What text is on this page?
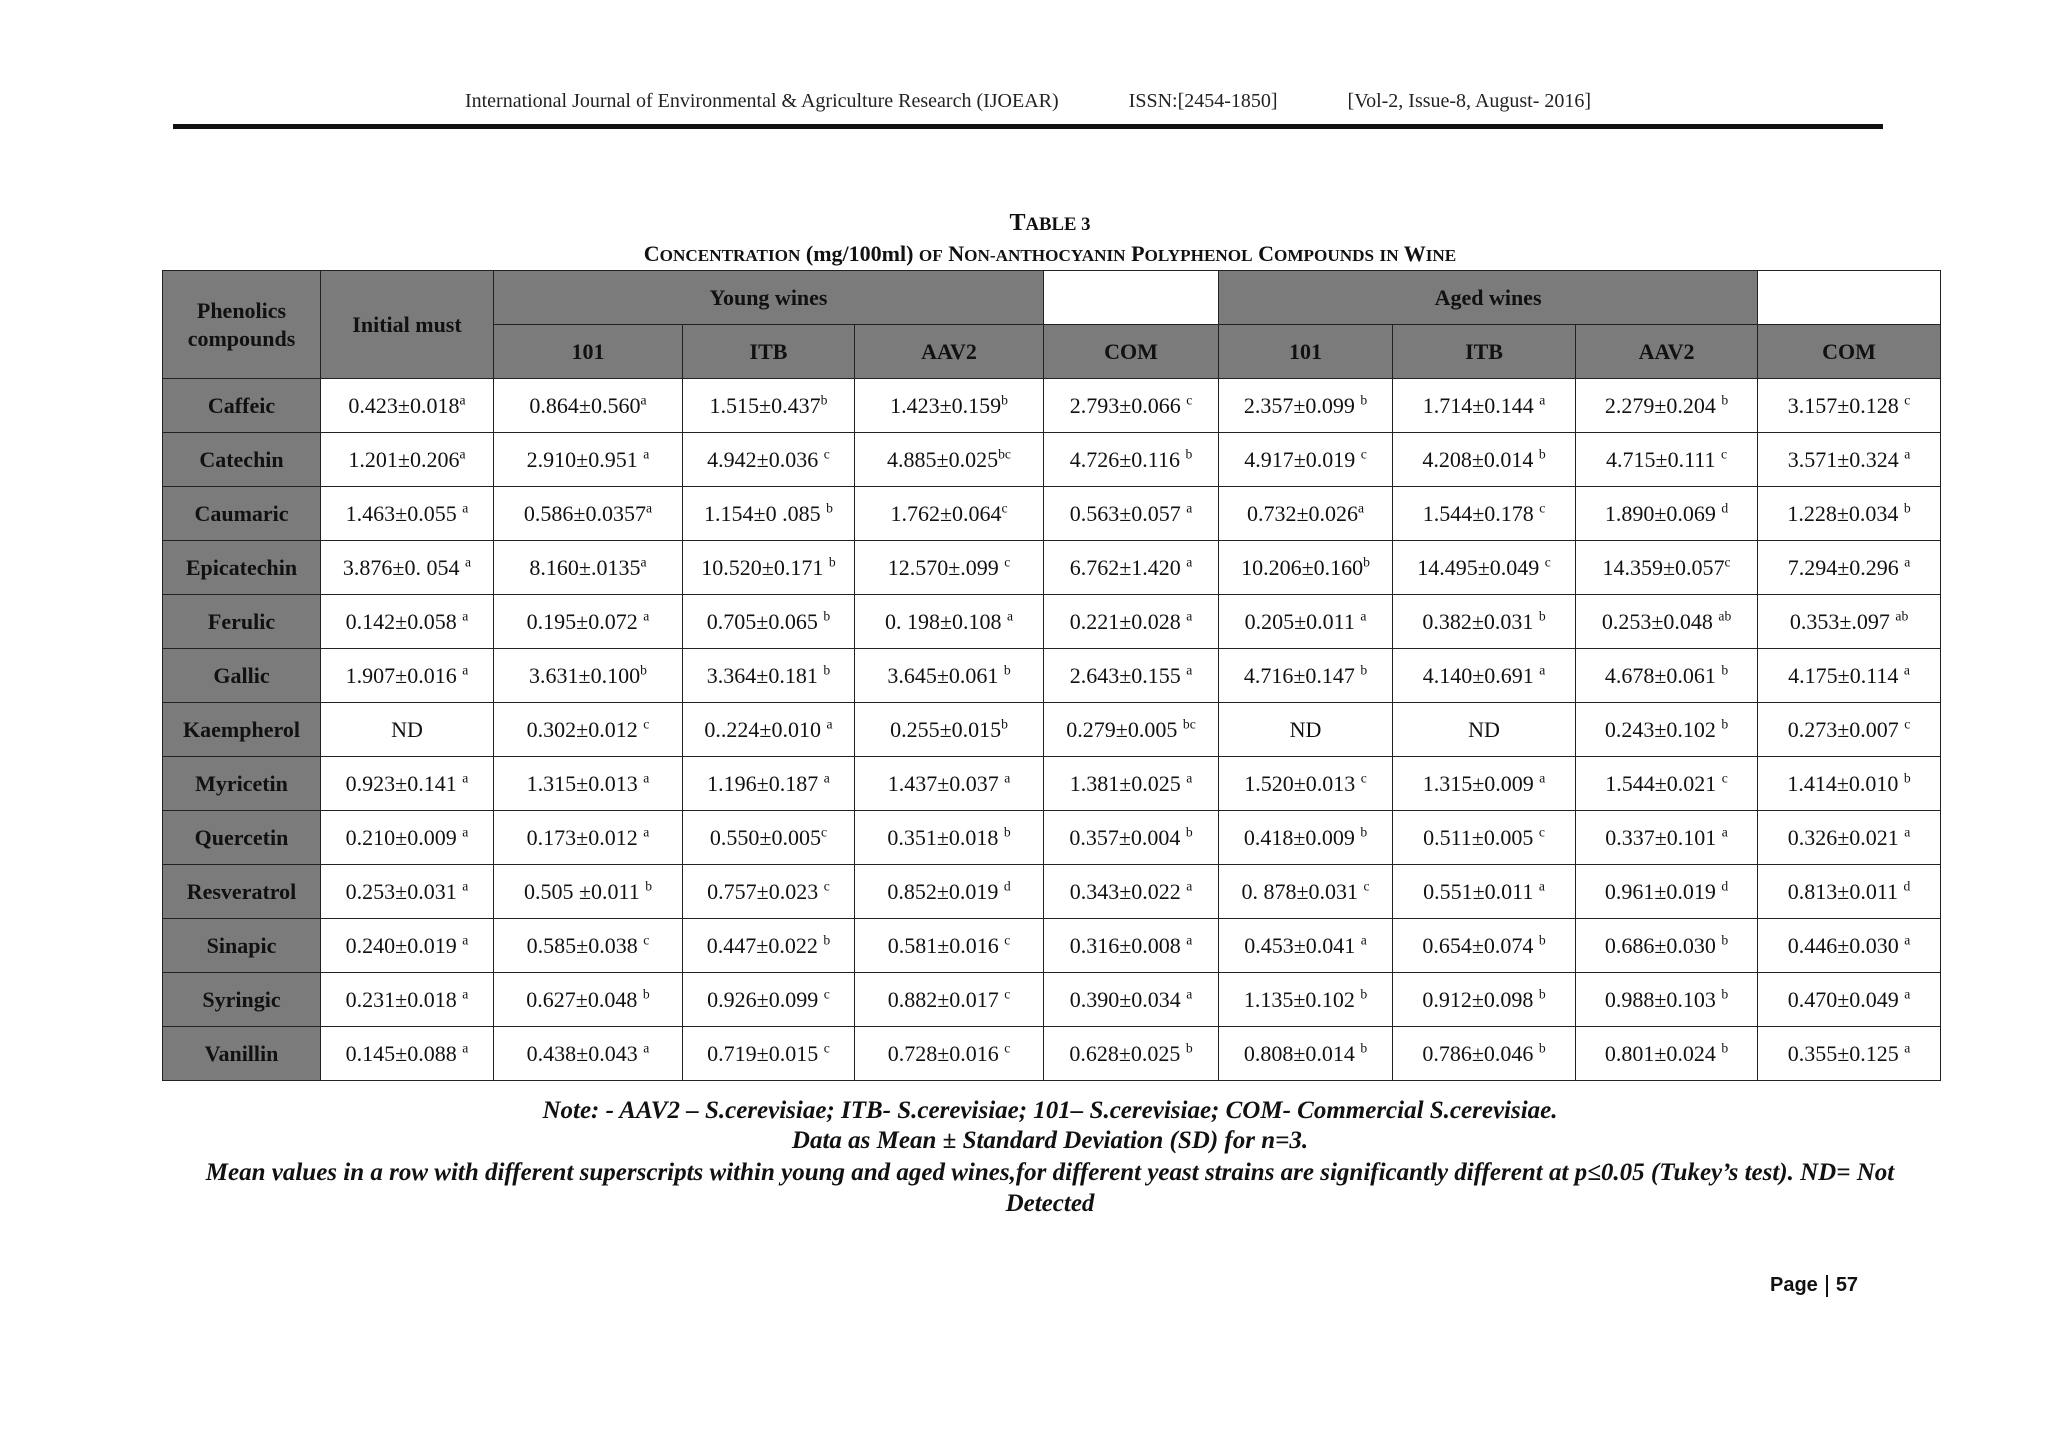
International Journal of Environmental & Agriculture Research (IJOEAR)	ISSN:[2454-1850]	[Vol-2, Issue-8, August- 2016]
TABLE 3
CONCENTRATION (mg/100ml) OF NON-ANTHOCYANIN POLYPHENOL COMPOUNDS IN WINE
Phenolics compounds	Initial must	Young wines				Aged wines			
		101	ITB	AAV2	COM	101	ITB	AAV2	COM
Caffeic	0.423±0.018$^a$	0.864±0.560$^a$	1.515±0.437$^b$	1.423±0.159$^b$	2.793±0.066 $^c$	2.357±0.099 $^b$	1.714±0.144 $^a$	2.279±0.204 $^b$	3.157±0.128 $^c$
Catechin	1.201±0.206$^a$	2.910±0.951 $^a$	4.942±0.036 $^c$	4.885±0.025$^{bc}$	4.726±0.116 $^b$	4.917±0.019 $^c$	4.208±0.014 $^b$	4.715±0.111 $^c$	3.571±0.324 $^a$
Caumaric	1.463±0.055 $^a$	0.586±0.0357$^a$	1.154±0 .085 $^b$	1.762±0.064$^c$	0.563±0.057 $^a$	0.732±0.026$^a$	1.544±0.178 $^c$	1.890±0.069 $^d$	1.228±0.034 $^b$
Epicatechin	3.876±0. 054 $^a$	8.160±.0135$^a$	10.520±0.171 $^b$	12.570±.099 $^c$	6.762±1.420 $^a$	10.206±0.160$^b$	14.495±0.049 $^c$	14.359±0.057$^c$	7.294±0.296 $^a$
Ferulic	0.142±0.058 $^a$	0.195±0.072 $^a$	0.705±0.065 $^b$	0. 198±0.108 $^a$	0.221±0.028 $^a$	0.205±0.011 $^a$	0.382±0.031 $^b$	0.253±0.048 $^{ab}$	0.353±.097 $^{ab}$
Gallic	1.907±0.016 $^a$	3.631±0.100$^b$	3.364±0.181 $^b$	3.645±0.061 $^b$	2.643±0.155 $^a$	4.716±0.147 $^b$	4.140±0.691 $^a$	4.678±0.061 $^b$	4.175±0.114 $^a$
Kaempherol	ND	0.302±0.012 $^c$	0..224±0.010 $^a$	0.255±0.015$^b$	0.279±0.005 $^{bc}$	ND	ND	0.243±0.102 $^b$	0.273±0.007 $^c$
Myricetin	0.923±0.141 $^a$	1.315±0.013 $^a$	1.196±0.187 $^a$	1.437±0.037 $^a$	1.381±0.025 $^a$	1.520±0.013 $^c$	1.315±0.009 $^a$	1.544±0.021 $^c$	1.414±0.010 $^b$
Quercetin	0.210±0.009 $^a$	0.173±0.012 $^a$	0.550±0.005$^c$	0.351±0.018 $^b$	0.357±0.004 $^b$	0.418±0.009 $^b$	0.511±0.005 $^c$	0.337±0.101 $^a$	0.326±0.021 $^a$
Resveratrol	0.253±0.031 $^a$	0.505 ±0.011 $^b$	0.757±0.023 $^c$	0.852±0.019 $^d$	0.343±0.022 $^a$	0. 878±0.031 $^c$	0.551±0.011 $^a$	0.961±0.019 $^d$	0.813±0.011 $^d$
Sinapic	0.240±0.019 $^a$	0.585±0.038 $^c$	0.447±0.022 $^b$	0.581±0.016 $^c$	0.316±0.008 $^a$	0.453±0.041 $^a$	0.654±0.074 $^b$	0.686±0.030 $^b$	0.446±0.030 $^a$
Syringic	0.231±0.018 $^a$	0.627±0.048 $^b$	0.926±0.099 $^c$	0.882±0.017 $^c$	0.390±0.034 $^a$	1.135±0.102 $^b$	0.912±0.098 $^b$	0.988±0.103 $^b$	0.470±0.049 $^a$
Vanillin	0.145±0.088 $^a$	0.438±0.043 $^a$	0.719±0.015 $^c$	0.728±0.016 $^c$	0.628±0.025 $^b$	0.808±0.014 $^b$	0.786±0.046 $^b$	0.801±0.024 $^b$	0.355±0.125 $^a$
Note: - AAV2 – S.cerevisiae; ITB- S.cerevisiae; 101– S.cerevisiae; COM- Commercial S.cerevisiae.
Data as Mean ± Standard Deviation (SD) for n=3.
Mean values in a row with different superscripts within young and aged wines,for different yeast strains are significantly different at p≤0.05 (Tukey’s test). ND= Not Detected
Page 57
